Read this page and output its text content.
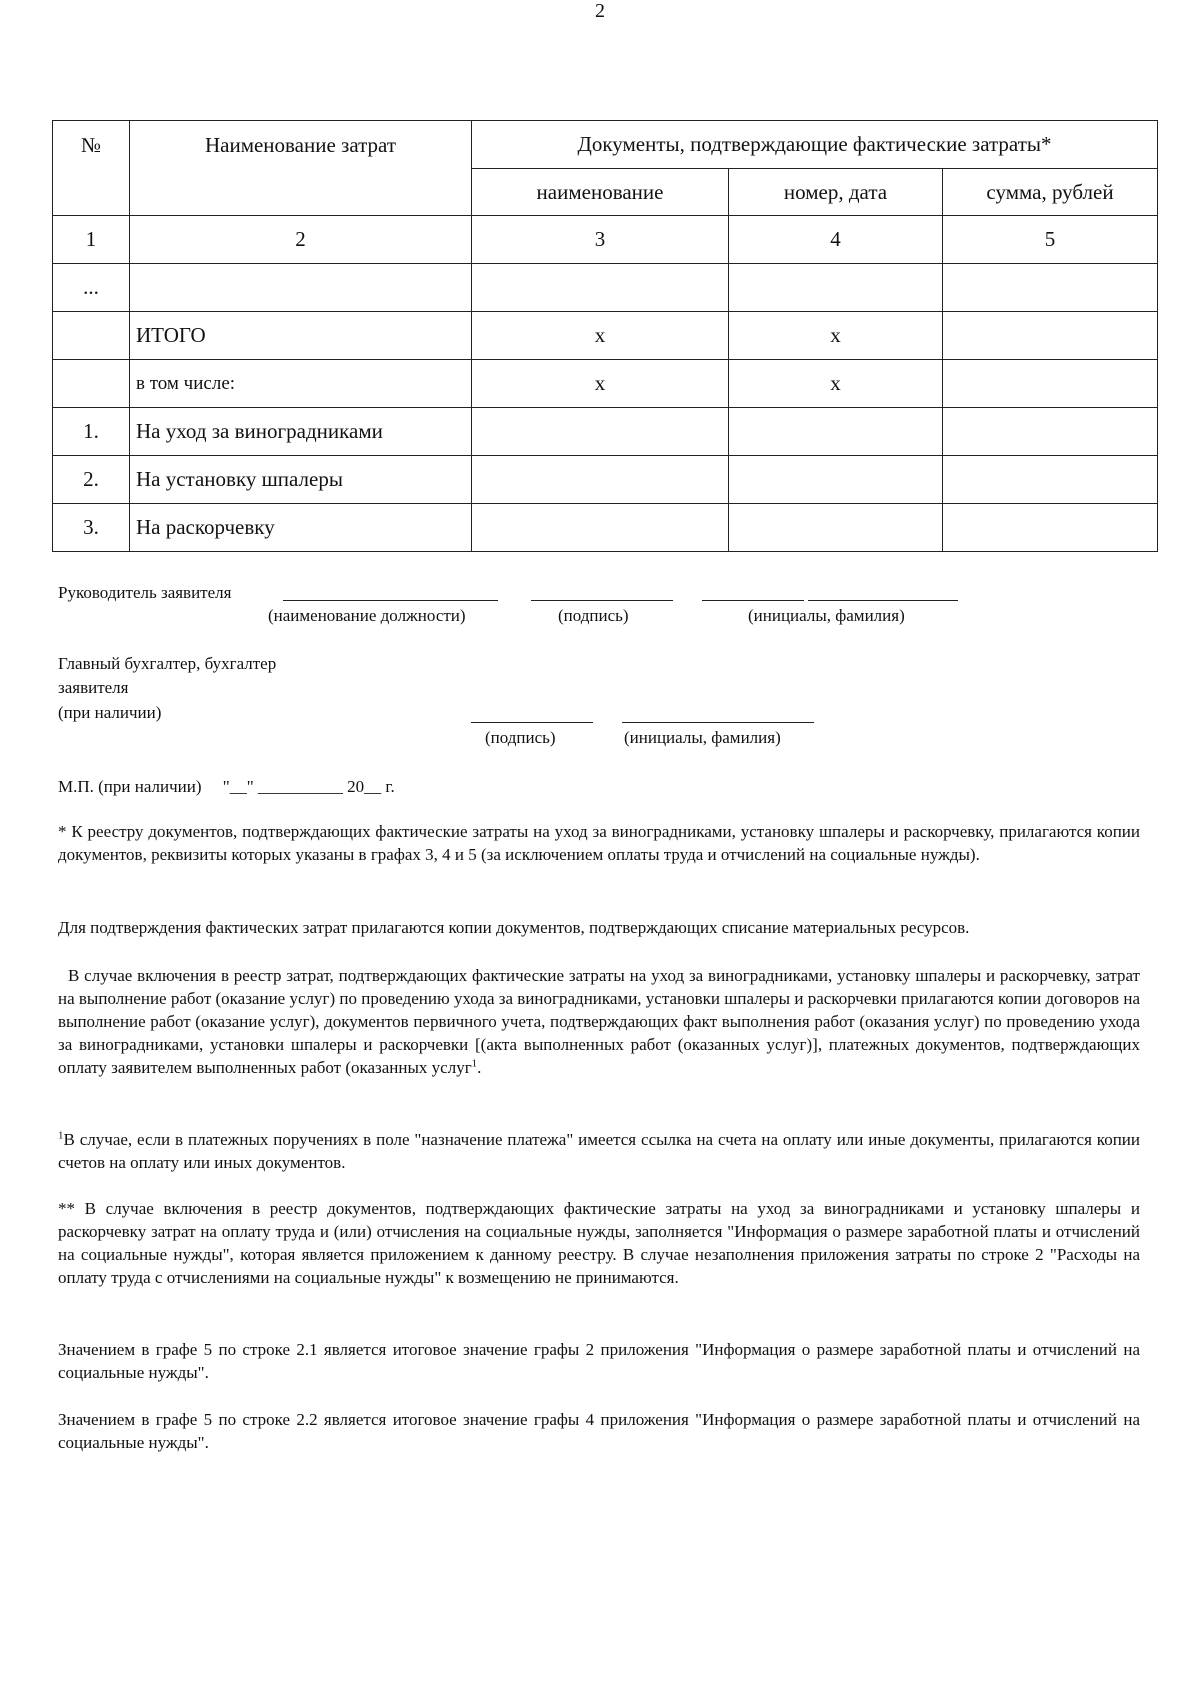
2
№	Наименование затрат	Документы, подтверждающие фактические затраты*		
		наименование	номер, дата	сумма, рублей
1	2	3	4	5
...				
	ИТОГО	x	x	
	в том числе:	x	x	
1.	На уход за виноградниками			
2.	На установку шпалеры			
3.	На раскорчевку			
Руководитель заявителя
(наименование должности)	(подпись)	(инициалы, фамилия)
Главный бухгалтер, бухгалтер
заявителя
(при наличии)
(подпись)	(инициалы, фамилия)
М.П. (при наличии)     "__" __________ 20__ г.

* К реестру документов, подтверждающих фактические затраты на уход за виноградниками, установку шпалеры и раскорчевку, прилагаются копии документов, реквизиты которых указаны в графах 3, 4 и 5 (за исключением оплаты труда и отчислений на социальные нужды).

Для подтверждения фактических затрат прилагаются копии документов, подтверждающих списание материальных ресурсов.

В случае включения в реестр затрат, подтверждающих фактические затраты на уход за виноградниками, установку шпалеры и раскорчевку, затрат на выполнение работ (оказание услуг) по проведению ухода за виноградниками, установки шпалеры и раскорчевки прилагаются копии договоров на выполнение работ (оказание услуг), документов первичного учета, подтверждающих факт выполнения работ (оказания услуг) по проведению ухода за виноградниками, установки шпалеры и раскорчевки [(акта выполненных работ (оказанных услуг)], платежных документов, подтверждающих оплату заявителем выполненных работ (оказанных услуг$^1$.

$^1$В случае, если в платежных поручениях в поле "назначение платежа" имеется ссылка на счета на оплату или иные документы, прилагаются копии счетов на оплату или иных документов.

** В случае включения в реестр документов, подтверждающих фактические затраты на уход за виноградниками и установку шпалеры и раскорчевку затрат на оплату труда и (или) отчисления на социальные нужды, заполняется "Информация о размере заработной платы и отчислений на социальные нужды", которая является приложением к данному реестру. В случае незаполнения приложения затраты по строке 2 "Расходы на оплату труда с отчислениями на социальные нужды" к возмещению не принимаются.

Значением в графе 5 по строке 2.1 является итоговое значение графы 2 приложения "Информация о размере заработной платы и отчислений на социальные нужды".

Значением в графе 5 по строке 2.2 является итоговое значение графы 4 приложения "Информация о размере заработной платы и отчислений на социальные нужды".
